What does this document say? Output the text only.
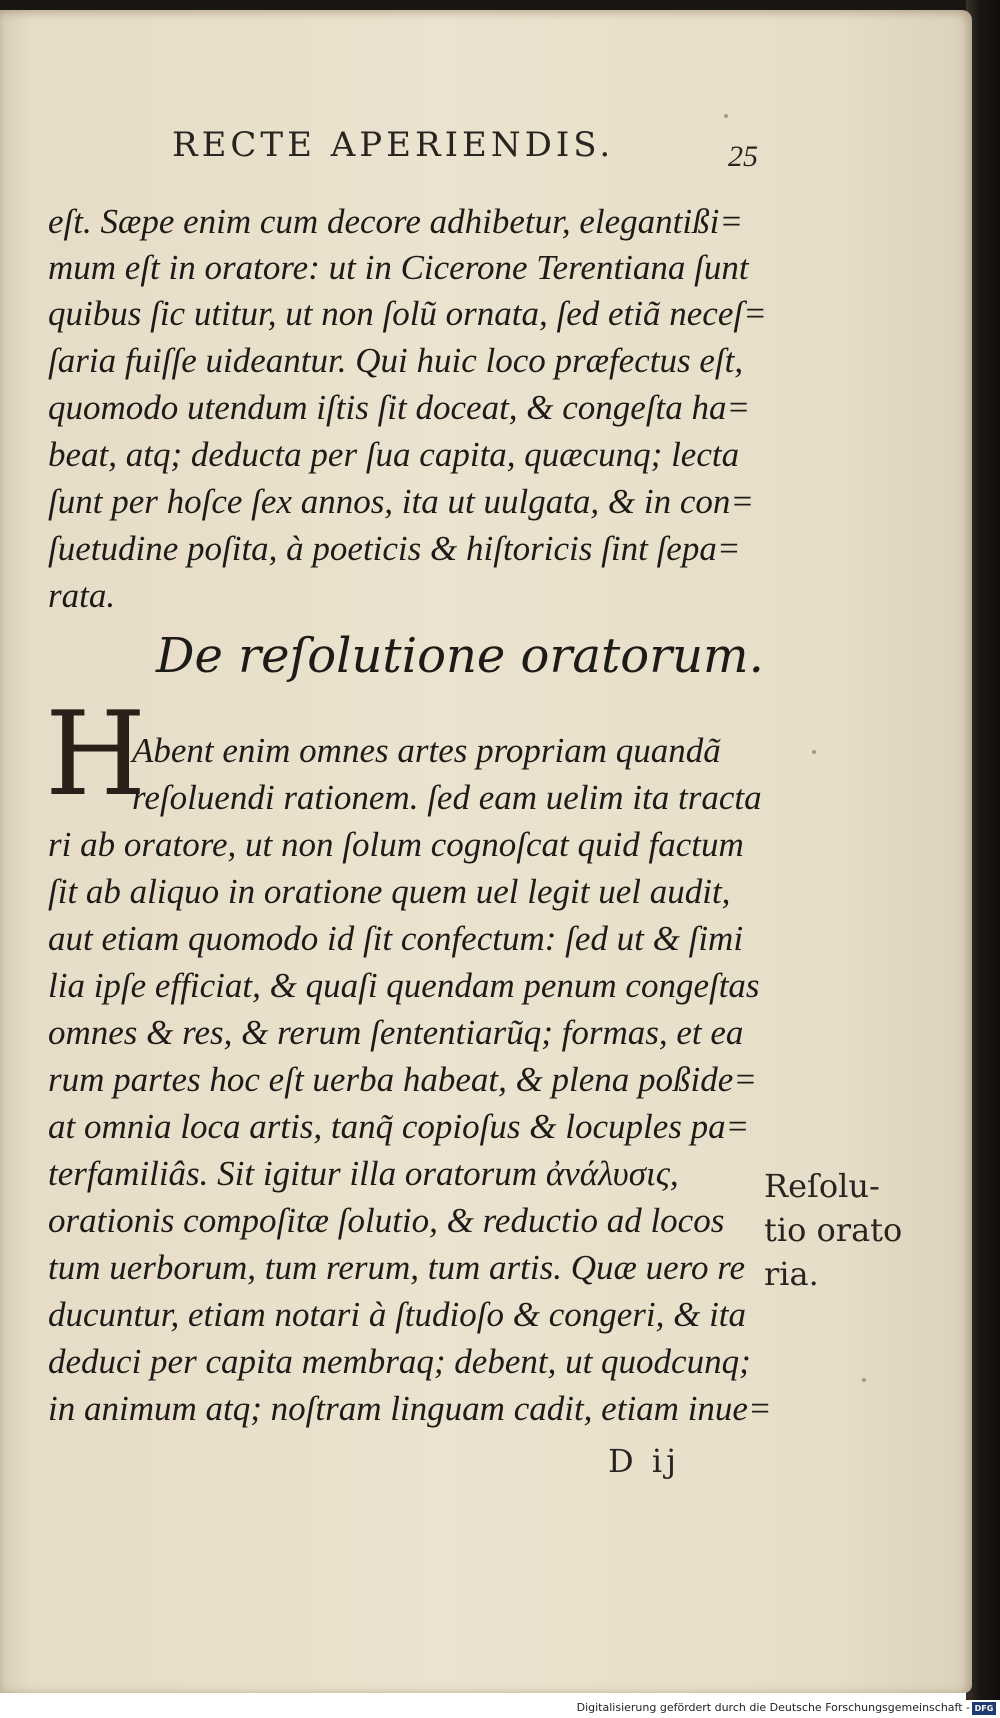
RECTE APERIENDIS.	25
eſt. Sæpe enim cum decore adhibetur, elegantißi=
mum eſt in oratore: ut in Cicerone Terentiana ſunt
quibus ſic utitur, ut non ſolũ ornata, ſed etiã neceſ=
ſaria fuiſſe uideantur. Qui huic loco præfectus eſt,
quomodo utendum iſtis ſit doceat, & congeſta ha=
beat, atq; deducta per ſua capita, quæcunq; lecta
ſunt per hoſce ſex annos, ita ut uulgata, & in con=
ſuetudine poſita, à poeticis & hiſtoricis ſint ſepa=
rata.
De reſolutione oratorum.
H
Abent enim omnes artes propriam quandã
reſoluendi rationem. ſed eam uelim ita tracta
ri ab oratore, ut non ſolum cognoſcat quid factum
ſit ab aliquo in oratione quem uel legit uel audit,
aut etiam quomodo id ſit confectum: ſed ut & ſimi
lia ipſe efficiat, & quaſi quendam penum congeſtas
omnes & res, & rerum ſententiarũq; formas, et ea
rum partes hoc eſt uerba habeat, & plena poßide=
at omnia loca artis, tanq̃ copioſus & locuples pa=
terfamiliâs. Sit igitur illa oratorum ἀνάλυσις,
orationis compoſitæ ſolutio, & reductio ad locos
tum uerborum, tum rerum, tum artis. Quæ uero re
ducuntur, etiam notari à ſtudioſo & congeri, & ita
deduci per capita membraq; debent, ut quodcunq;
in animum atq; noſtram linguam cadit, etiam inue=
Reſolu-
tio orato
ria.
D ij
Digitalisierung gefördert durch die Deutsche Forschungsgemeinschaft - DFG
